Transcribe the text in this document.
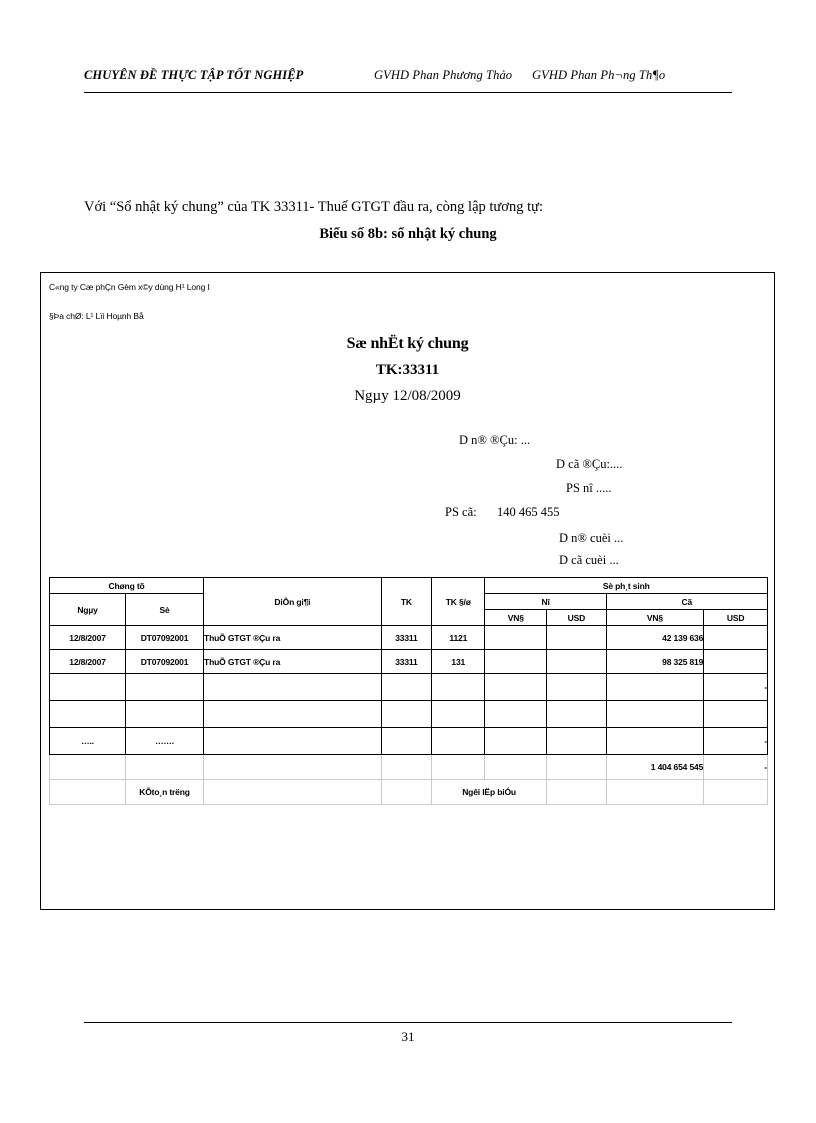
CHUYÊN ĐỀ THỰC TẬP TỐT NGHIỆP	GVHD Phan Phương Thảo GVHD Phan Ph¬ng Th¶o
Với “Sổ nhật ký chung” của TK 33311- Thuế GTGT đầu ra, còng lập tương tự:
Biểu số 8b: sổ nhật ký chung
C«ng ty Cæ phÇn Gèm x©y dùng H¹ Long I
§Þa chØ: L¹ Lïi Hoµnh Bå
Sæ nhËt ký chung
TK:33311
Ngµy 12/08/2009
D n® ®Çu: ...
D cã ®Çu:....
PS nî .....
PS cã: 140 465 455
D n® cuèi ...
D cã cuèi ...
Chøng tõ		DiÔn gi¶i	TK	TK §/ø	Sè ph¸t sinh			
Ngµy	Sè				Nî		Cã	
					VN§	USD	VN§	USD
12/8/2007	DT07092001	ThuÕ GTGT ®Çu ra	33311	1121			42 139 636	
12/8/2007	DT07092001	ThuÕ GTGT ®Çu ra	33311	131			98 325 819	
								-

…..	…….							-
							1 404 654 545	-
	KÕto¸n trëng			Ngêi lËp biÓu				
31
